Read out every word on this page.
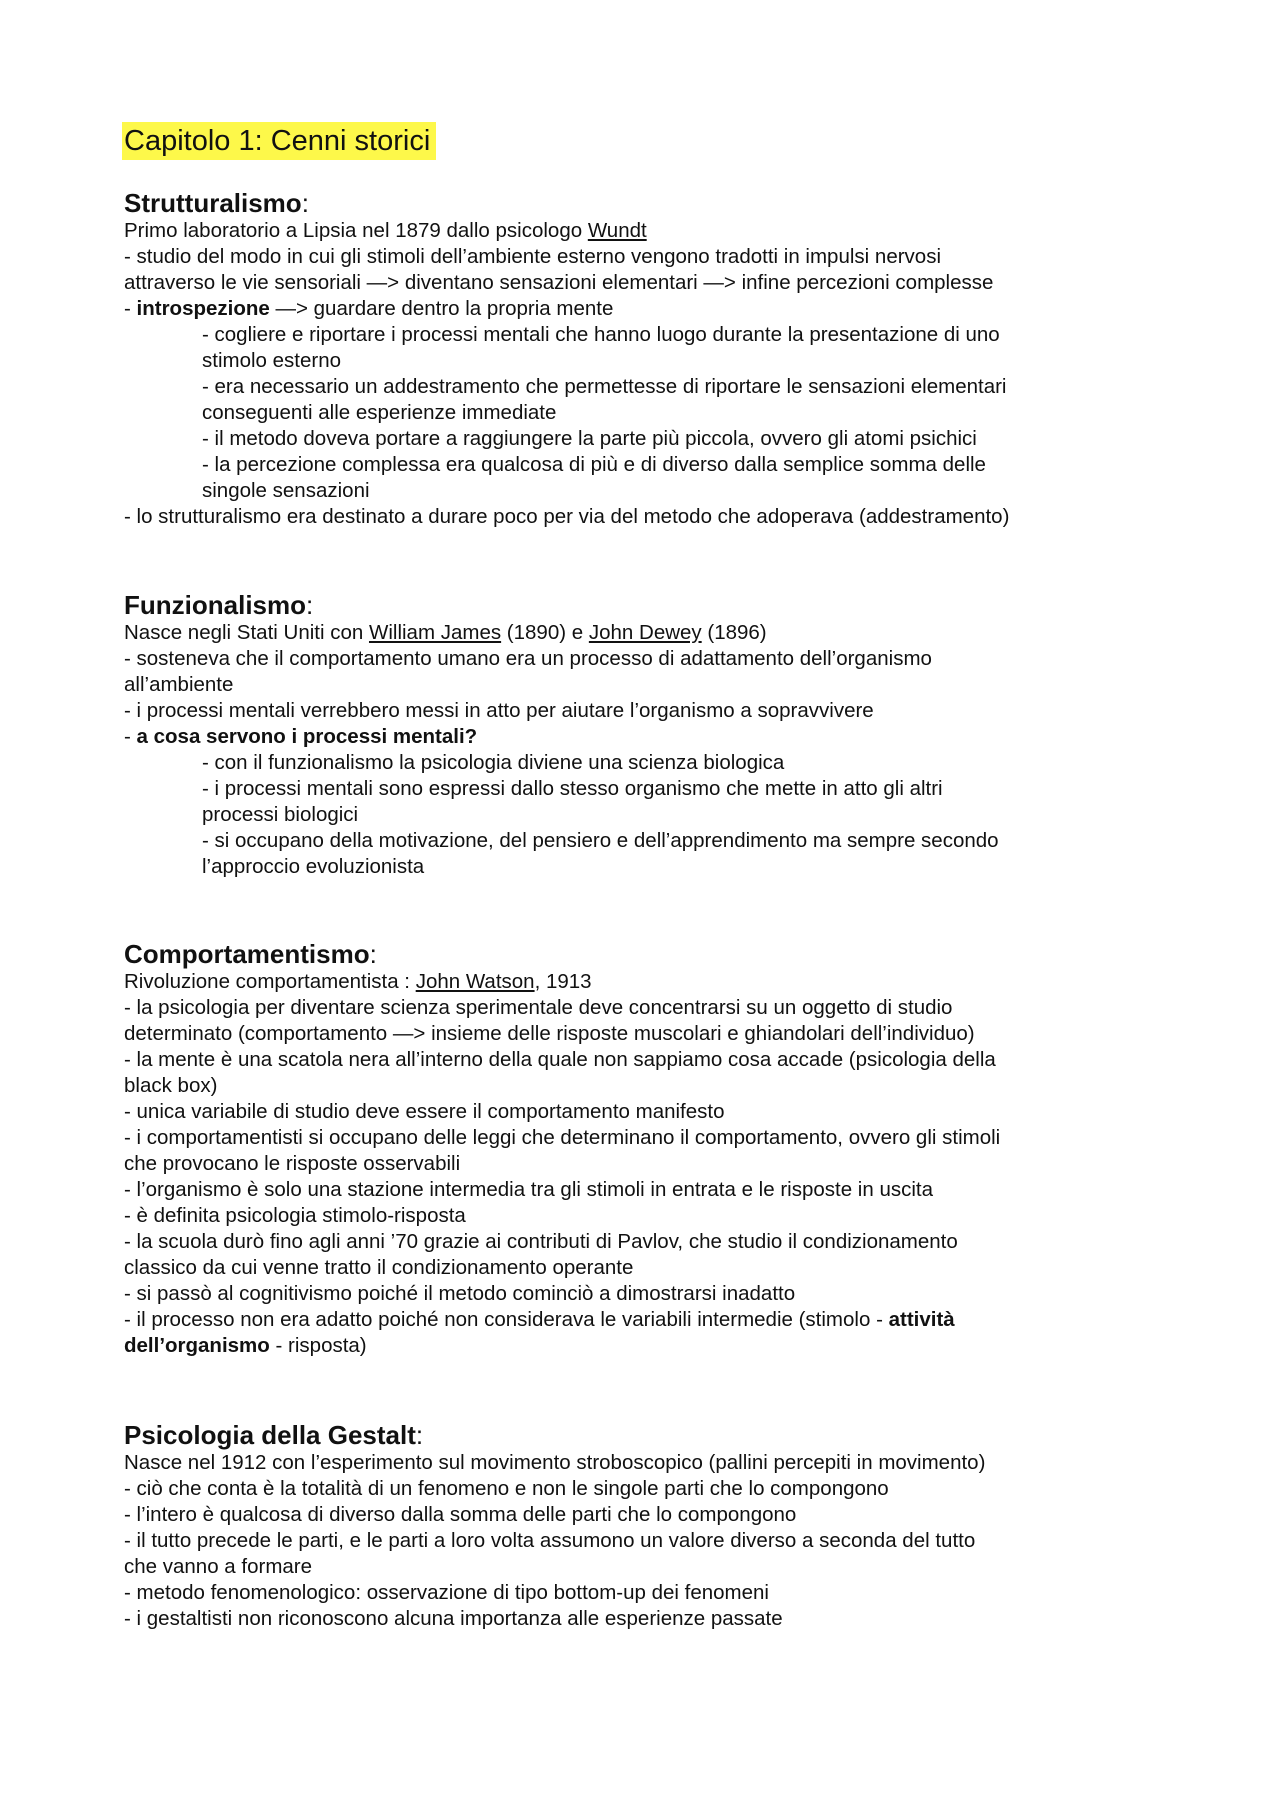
Capitolo 1: Cenni storici
Strutturalismo:
Primo laboratorio a Lipsia nel 1879 dallo psicologo Wundt
- studio del modo in cui gli stimoli dell’ambiente esterno vengono tradotti in impulsi nervosi
attraverso le vie sensoriali —> diventano sensazioni elementari —> infine percezioni complesse
- introspezione —> guardare dentro la propria mente
- cogliere e riportare i processi mentali che hanno luogo durante la presentazione di uno
stimolo esterno
- era necessario un addestramento che permettesse di riportare le sensazioni elementari
conseguenti alle esperienze immediate
- il metodo doveva portare a raggiungere la parte più piccola, ovvero gli atomi psichici
- la percezione complessa era qualcosa di più e di diverso dalla semplice somma delle
singole sensazioni
- lo strutturalismo era destinato a durare poco per via del metodo che adoperava (addestramento)
Funzionalismo:
Nasce negli Stati Uniti con William James (1890) e John Dewey (1896)
- sosteneva che il comportamento umano era un processo di adattamento dell’organismo
all’ambiente
- i processi mentali verrebbero messi in atto per aiutare l’organismo a sopravvivere
- a cosa servono i processi mentali?
- con il funzionalismo la psicologia diviene una scienza biologica
- i processi mentali sono espressi dallo stesso organismo che mette in atto gli altri
processi biologici
- si occupano della motivazione, del pensiero e dell’apprendimento ma sempre secondo
l’approccio evoluzionista
Comportamentismo:
Rivoluzione comportamentista : John Watson, 1913
- la psicologia per diventare scienza sperimentale deve concentrarsi su un oggetto di studio
determinato (comportamento —> insieme delle risposte muscolari e ghiandolari dell’individuo)
- la mente è una scatola nera all’interno della quale non sappiamo cosa accade (psicologia della
black box)
- unica variabile di studio deve essere il comportamento manifesto
- i comportamentisti si occupano delle leggi che determinano il comportamento, ovvero gli stimoli
che provocano le risposte osservabili
- l’organismo è solo una stazione intermedia tra gli stimoli in entrata e le risposte in uscita
- è definita psicologia stimolo-risposta
- la scuola durò fino agli anni ’70 grazie ai contributi di Pavlov, che studio il condizionamento
classico da cui venne tratto il condizionamento operante
- si passò al cognitivismo poiché il metodo cominciò a dimostrarsi inadatto
- il processo non era adatto poiché non considerava le variabili intermedie (stimolo - attività
dell’organismo - risposta)
Psicologia della Gestalt:
Nasce nel 1912 con l’esperimento sul movimento stroboscopico (pallini percepiti in movimento)
- ciò che conta è la totalità di un fenomeno e non le singole parti che lo compongono
- l’intero è qualcosa di diverso dalla somma delle parti che lo compongono
- il tutto precede le parti, e le parti a loro volta assumono un valore diverso a seconda del tutto
che vanno a formare
- metodo fenomenologico: osservazione di tipo bottom-up dei fenomeni
- i gestaltisti non riconoscono alcuna importanza alle esperienze passate
